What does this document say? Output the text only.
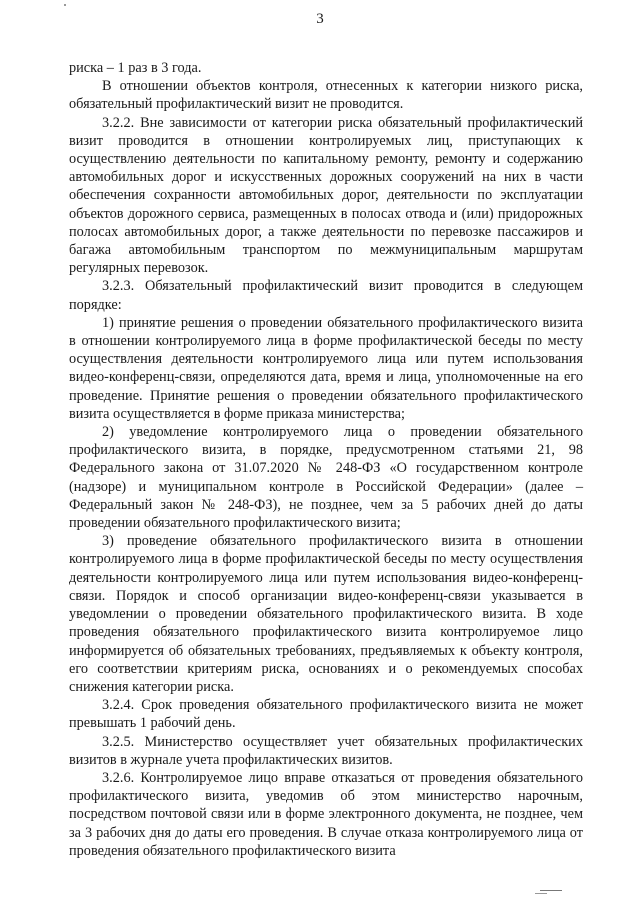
3

риска – 1 раз в 3 года.

В отношении объектов контроля, отнесенных к категории низкого риска, обязательный профилактический визит не проводится.

3.2.2. Вне зависимости от категории риска обязательный профилактический визит проводится в отношении контролируемых лиц, приступающих к осуществлению деятельности по капитальному ремонту, ремонту и содержанию автомобильных дорог и искусственных дорожных сооружений на них в части обеспечения сохранности автомобильных дорог, деятельности по эксплуатации объектов дорожного сервиса, размещенных в полосах отвода и (или) придорожных полосах автомобильных дорог, а также деятельности по перевозке пассажиров и багажа автомобильным транспортом по межмуниципальным маршрутам регулярных перевозок.

3.2.3. Обязательный профилактический визит проводится в следующем порядке:

1) принятие решения о проведении обязательного профилактического визита в отношении контролируемого лица в форме профилактической беседы по месту осуществления деятельности контролируемого лица или путем использования видео-конференц-связи, определяются дата, время и лица, уполномоченные на его проведение. Принятие решения о проведении обязательного профилактического визита осуществляется в форме приказа министерства;

2) уведомление контролируемого лица о проведении обязательного профилактического визита, в порядке, предусмотренном статьями 21, 98 Федерального закона от 31.07.2020 № 248-ФЗ «О государственном контроле (надзоре) и муниципальном контроле в Российской Федерации» (далее – Федеральный закон № 248-ФЗ), не позднее, чем за 5 рабочих дней до даты проведении обязательного профилактического визита;

3) проведение обязательного профилактического визита в отношении контролируемого лица в форме профилактической беседы по месту осуществления деятельности контролируемого лица или путем использования видео-конференц-связи. Порядок и способ организации видео-конференц-связи указывается в уведомлении о проведении обязательного профилактического визита. В ходе проведения обязательного профилактического визита контролируемое лицо информируется об обязательных требованиях, предъявляемых к объекту контроля, его соответствии критериям риска, основаниях и о рекомендуемых способах снижения категории риска.

3.2.4. Срок проведения обязательного профилактического визита не может превышать 1 рабочий день.

3.2.5. Министерство осуществляет учет обязательных профилактических визитов в журнале учета профилактических визитов.

3.2.6. Контролируемое лицо вправе отказаться от проведения обязательного профилактического визита, уведомив об этом министерство нарочным, посредством почтовой связи или в форме электронного документа, не позднее, чем за 3 рабочих дня до даты его проведения. В случае отказа контролируемого лица от проведения обязательного профилактического визита
